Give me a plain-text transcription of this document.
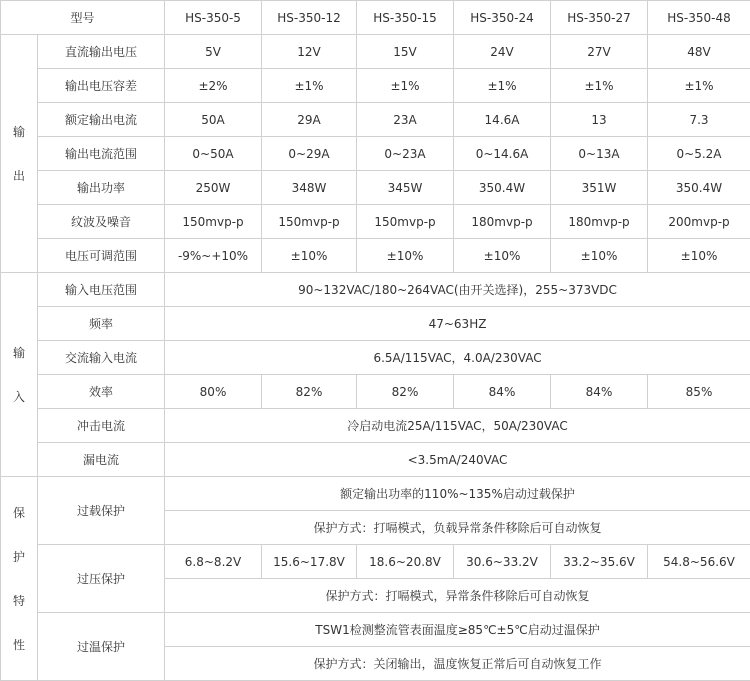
型号		HS-350-5	HS-350-12	HS-350-15	HS-350-24	HS-350-27	HS-350-48
输

出	直流输出电压	5V	12V	15V	24V	27V	48V
	输出电压容差	±2%	±1%	±1%	±1%	±1%	±1%
	额定输出电流	50A	29A	23A	14.6A	13	7.3
	输出电流范围	0~50A	0~29A	0~23A	0~14.6A	0~13A	0~5.2A
	输出功率	250W	348W	345W	350.4W	351W	350.4W
	纹波及噪音	150mvp-p	150mvp-p	150mvp-p	180mvp-p	180mvp-p	200mvp-p
	电压可调范围	-9%~+10%	±10%	±10%	±10%	±10%	±10%
输

入	输入电压范围	90~132VAC/180~264VAC(由开关选择)，255~373VDC					
	频率	47~63HZ					
	交流输入电流	6.5A/115VAC，4.0A/230VAC					
	效率	80%	82%	82%	84%	84%	85%
	冲击电流	冷启动电流25A/115VAC，50A/230VAC					
	漏电流	<3.5mA/240VAC					
保

护

特

性	过载保护	额定输出功率的110%~135%启动过载保护					
		保护方式：打嗝模式，负载异常条件移除后可自动恢复					
	过压保护	6.8~8.2V	15.6~17.8V	18.6~20.8V	30.6~33.2V	33.2~35.6V	54.8~56.6V
		保护方式：打嗝模式，异常条件移除后可自动恢复					
	过温保护	TSW1检测整流管表面温度≥85℃±5℃启动过温保护					
		保护方式：关闭输出，温度恢复正常后可自动恢复工作					
